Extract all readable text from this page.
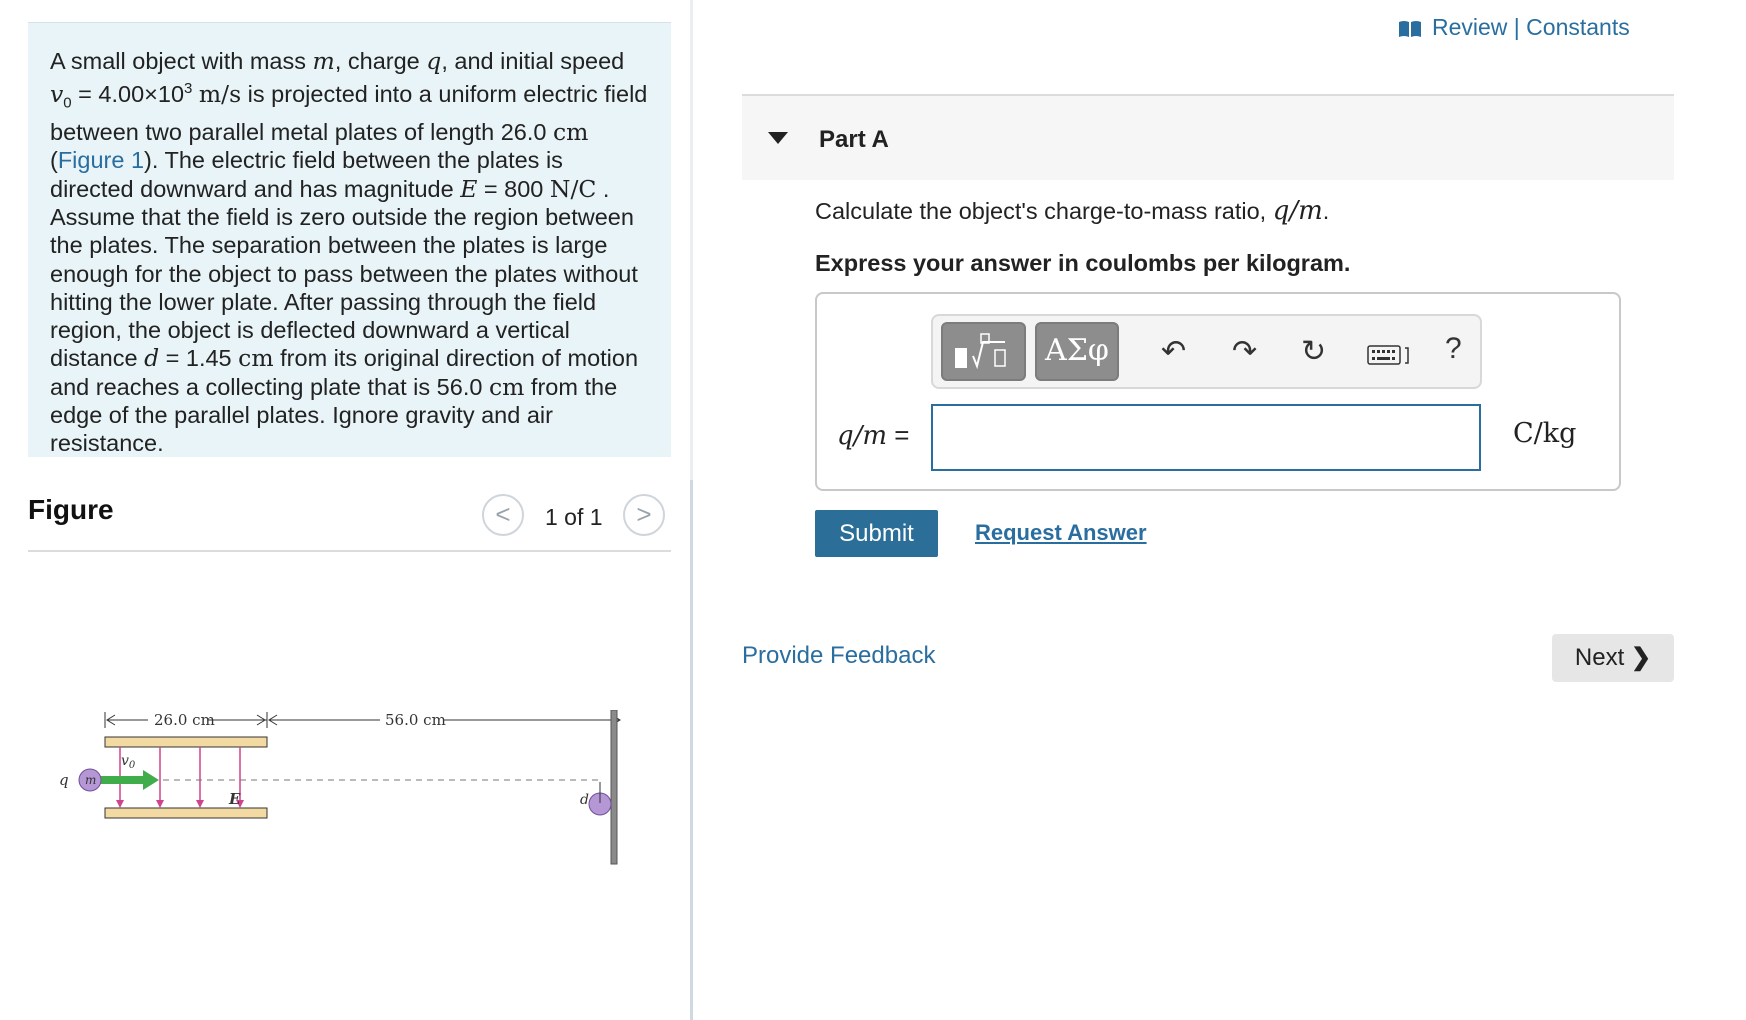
A small object with mass m, charge q, and initial speed
$v_0 = 4.00\times 10^3$ m/s is projected into a uniform electric field between two parallel metal plates of length 26.0 cm (Figure 1). The electric field between the plates is directed downward and has magnitude E = 800 N/C . Assume that the field is zero outside the region between the plates. The separation between the plates is large enough for the object to pass between the plates without hitting the lower plate. After passing through the field region, the object is deflected downward a vertical distance d = 1.45 cm from its original direction of motion and reaches a collecting plate that is 56.0 cm from the edge of the parallel plates. Ignore gravity and air resistance.

Figure	<	1 of 1	>
26.0 cm	56.0 cm
m
q
$v_0$
E	d
Review | Constants
Part A
Calculate the object's charge-to-mass ratio, q/m.
Express your answer in coulombs per kilogram.
ΑΣφ	↶ ↷ ↻	?
q/m =	C/kg
Submit	Request Answer
Provide Feedback	Next ❯
